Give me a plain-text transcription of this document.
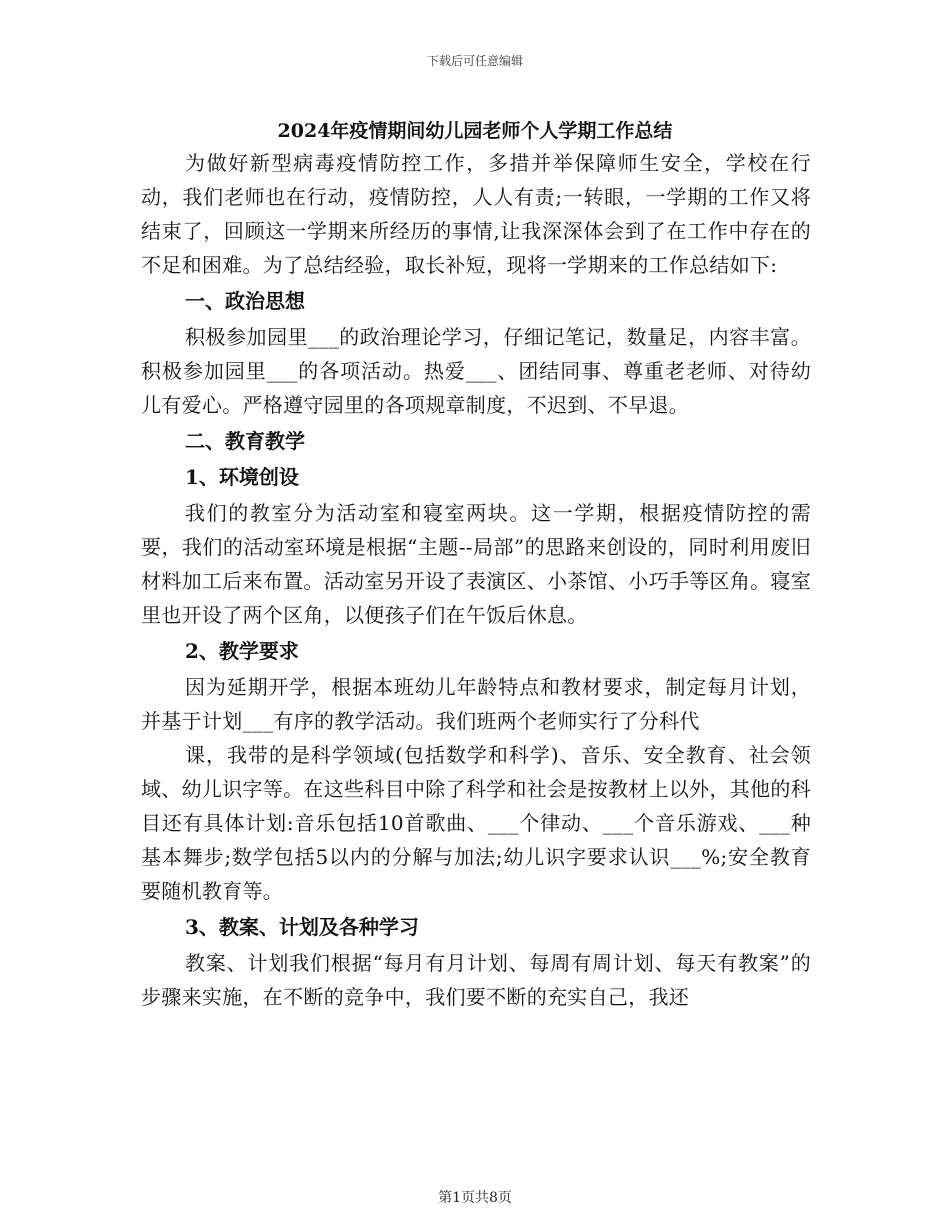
下载后可任意编辑
2024年疫情期间幼儿园老师个人学期工作总结

为做好新型病毒疫情防控工作，多措并举保障师生安全，学校在行动，我们老师也在行动，疫情防控，人人有责;一转眼，一学期的工作又将结束了，回顾这一学期来所经历的事情,让我深深体会到了在工作中存在的不足和困难。为了总结经验，取长补短，现将一学期来的工作总结如下:

一、政治思想

积极参加园里___的政治理论学习，仔细记笔记，数量足，内容丰富。积极参加园里___的各项活动。热爱___、团结同事、尊重老老师、对待幼儿有爱心。严格遵守园里的各项规章制度，不迟到、不早退。

二、教育教学
1、环境创设

我们的教室分为活动室和寝室两块。这一学期，根据疫情防控的需要，我们的活动室环境是根据“主题--局部”的思路来创设的，同时利用废旧材料加工后来布置。活动室另开设了表演区、小茶馆、小巧手等区角。寝室里也开设了两个区角，以便孩子们在午饭后休息。

2、教学要求

因为延期开学，根据本班幼儿年龄特点和教材要求，制定每月计划，并基于计划___有序的教学活动。我们班两个老师实行了分科代

课，我带的是科学领域(包括数学和科学)、音乐、安全教育、社会领域、幼儿识字等。在这些科目中除了科学和社会是按教材上以外，其他的科目还有具体计划:音乐包括10首歌曲、___个律动、___个音乐游戏、___种基本舞步;数学包括5以内的分解与加法;幼儿识字要求认识___%;安全教育要随机教育等。

3、教案、计划及各种学习

教案、计划我们根据“每月有月计划、每周有周计划、每天有教案”的步骤来实施，在不断的竞争中，我们要不断的充实自己，我还

第1页共8页
